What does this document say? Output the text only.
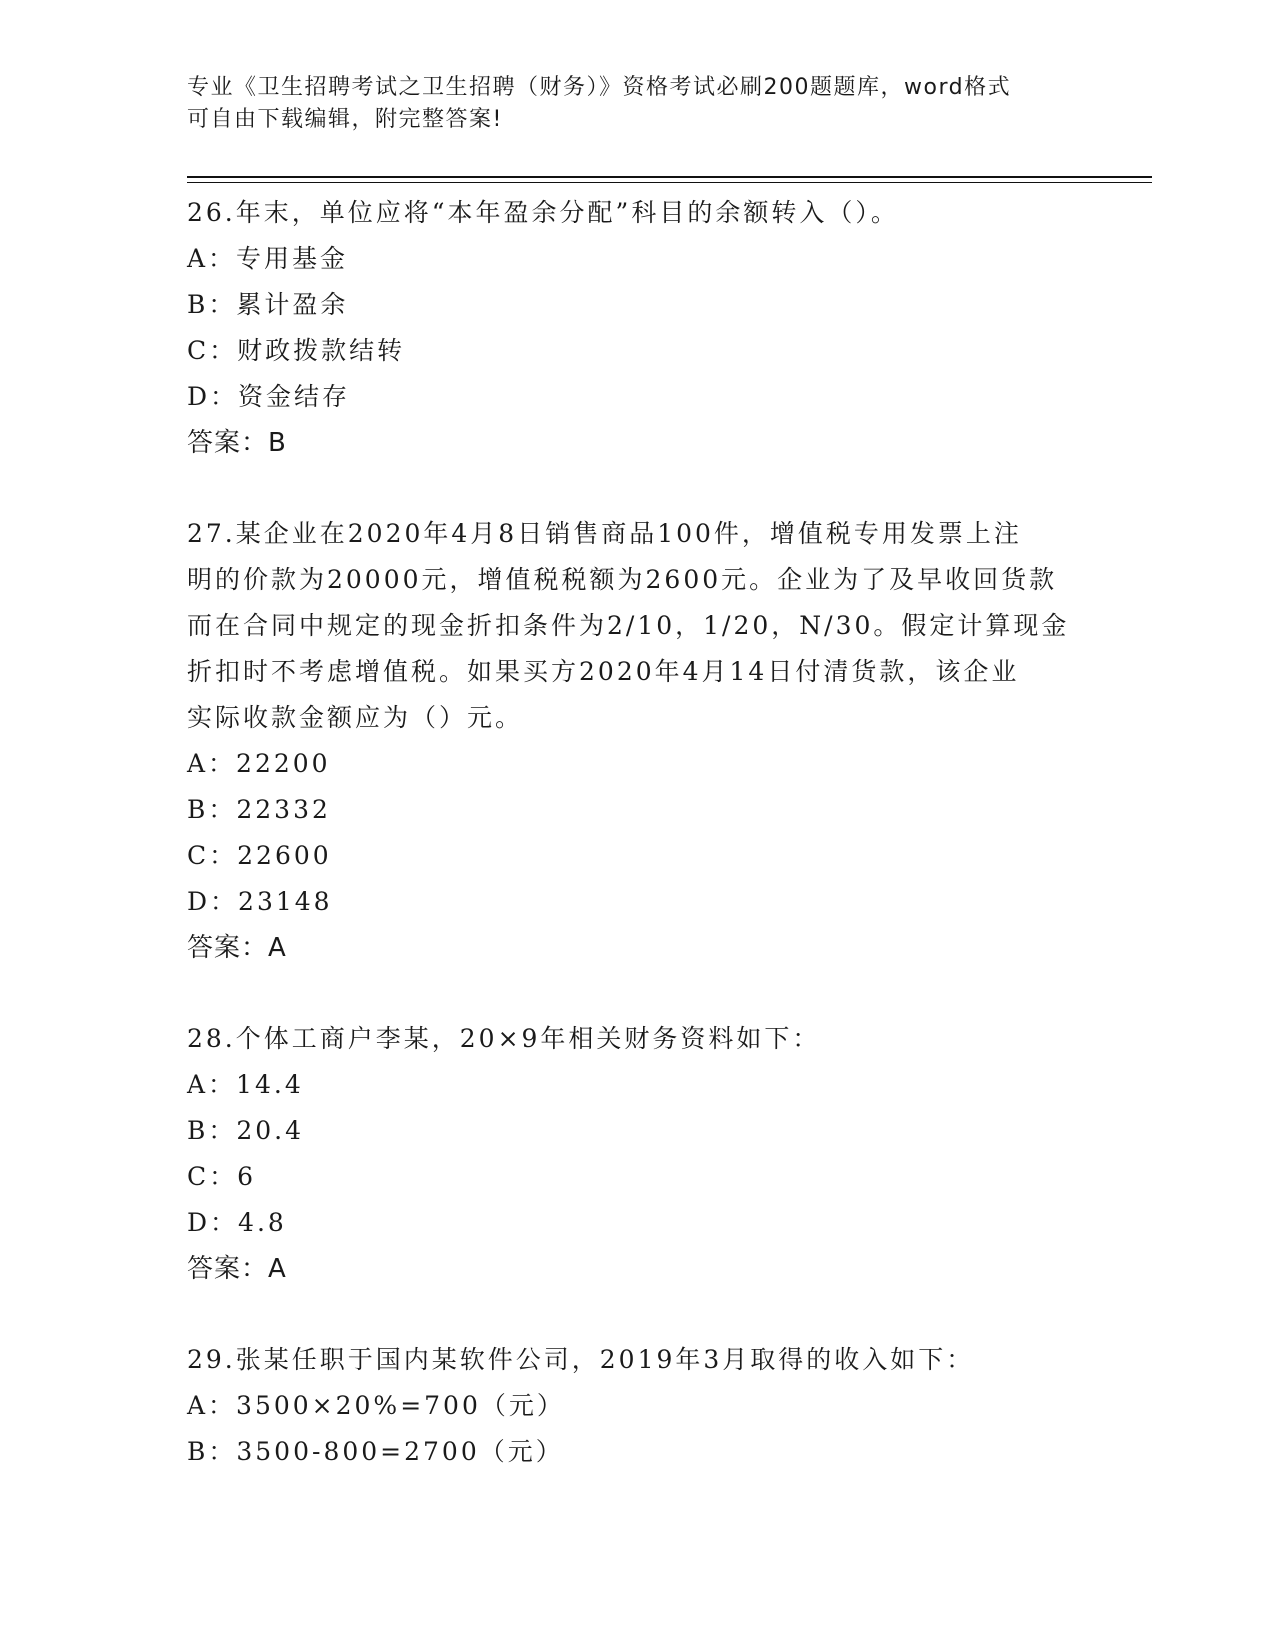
专业《卫生招聘考试之卫生招聘（财务）》资格考试必刷200题题库，word格式
可自由下载编辑，附完整答案!
26.年末，单位应将“本年盈余分配”科目的余额转入（）。
A：专用基金
B：累计盈余
C：财政拨款结转
D：资金结存
答案：B
27.某企业在2020年4月8日销售商品100件，增值税专用发票上注
明的价款为20000元，增值税税额为2600元。企业为了及早收回货款
而在合同中规定的现金折扣条件为2/10，1/20，N/30。假定计算现金
折扣时不考虑增值税。如果买方2020年4月14日付清货款，该企业
实际收款金额应为（）元。
A：22200
B：22332
C：22600
D：23148
答案：A
28.个体工商户李某，20×9年相关财务资料如下：
A：14.4
B：20.4
C：6
D：4.8
答案：A
29.张某任职于国内某软件公司，2019年3月取得的收入如下：
A：3500×20%=700（元）
B：3500-800=2700（元）
